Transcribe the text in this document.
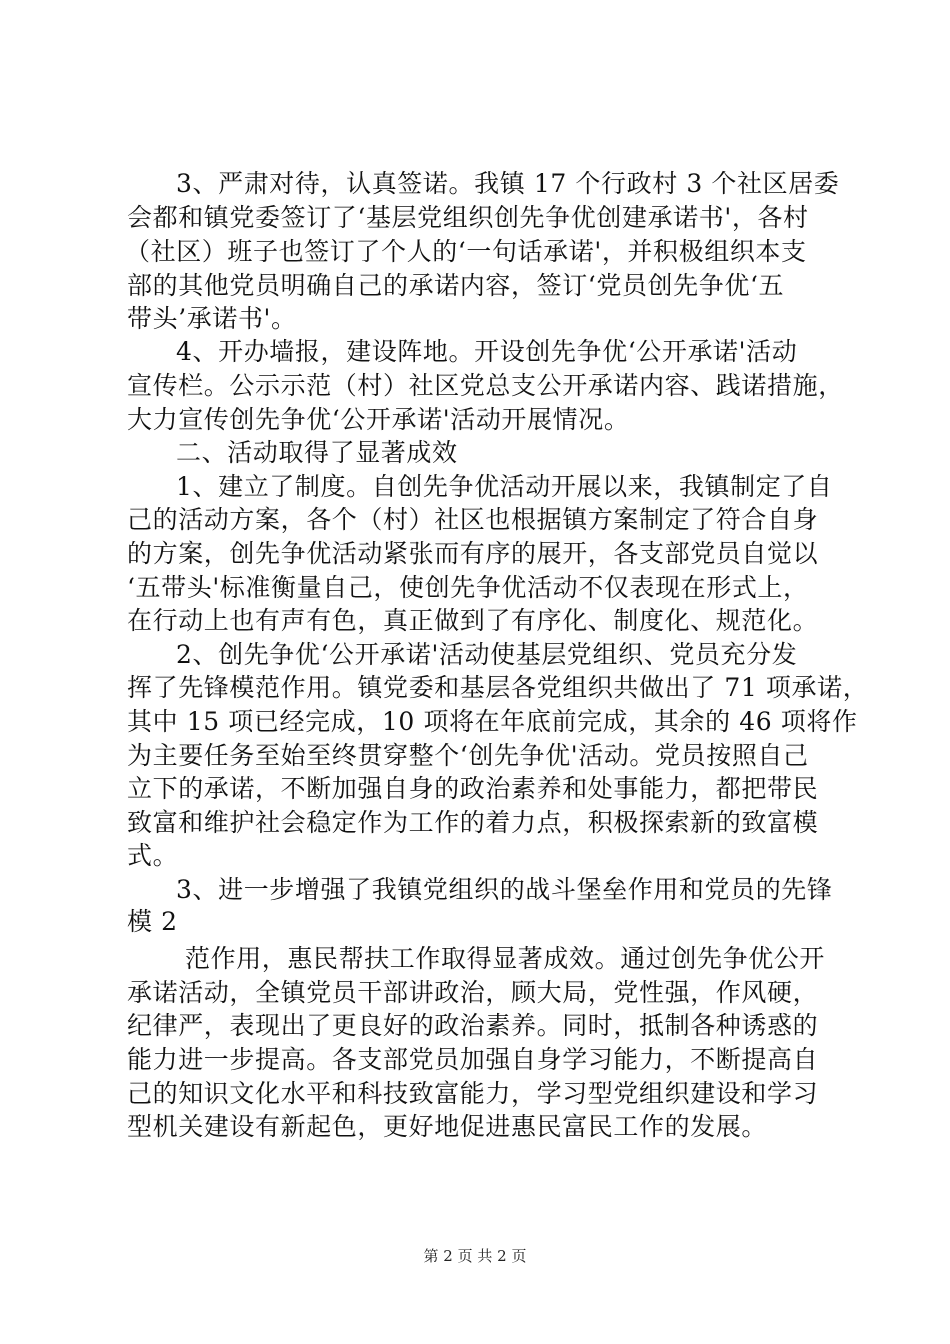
3、严肃对待，认真签诺。我镇 17 个行政村 3 个社区居委
会都和镇党委签订了‘基层党组织创先争优创建承诺书'，各村
（社区）班子也签订了个人的‘一句话承诺'，并积极组织本支
部的其他党员明确自己的承诺内容，签订‘党员创先争优‘五
带头’承诺书'。
4、开办墙报，建设阵地。开设创先争优‘公开承诺'活动
宣传栏。公示示范（村）社区党总支公开承诺内容、践诺措施，
大力宣传创先争优‘公开承诺'活动开展情况。
二、活动取得了显著成效
1、建立了制度。自创先争优活动开展以来，我镇制定了自
己的活动方案，各个（村）社区也根据镇方案制定了符合自身
的方案，创先争优活动紧张而有序的展开，各支部党员自觉以
‘五带头'标准衡量自己，使创先争优活动不仅表现在形式上，
在行动上也有声有色，真正做到了有序化、制度化、规范化。
2、创先争优‘公开承诺'活动使基层党组织、党员充分发
挥了先锋模范作用。镇党委和基层各党组织共做出了 71 项承诺，
其中 15 项已经完成，10 项将在年底前完成，其余的 46 项将作
为主要任务至始至终贯穿整个‘创先争优'活动。党员按照自己
立下的承诺，不断加强自身的政治素养和处事能力，都把带民
致富和维护社会稳定作为工作的着力点，积极探索新的致富模
式。
3、进一步增强了我镇党组织的战斗堡垒作用和党员的先锋
模 2
范作用，惠民帮扶工作取得显著成效。通过创先争优公开
承诺活动，全镇党员干部讲政治，顾大局，党性强，作风硬，
纪律严，表现出了更良好的政治素养。同时，抵制各种诱惑的
能力进一步提高。各支部党员加强自身学习能力，不断提高自
己的知识文化水平和科技致富能力，学习型党组织建设和学习
型机关建设有新起色，更好地促进惠民富民工作的发展。
第 2 页 共 2 页
